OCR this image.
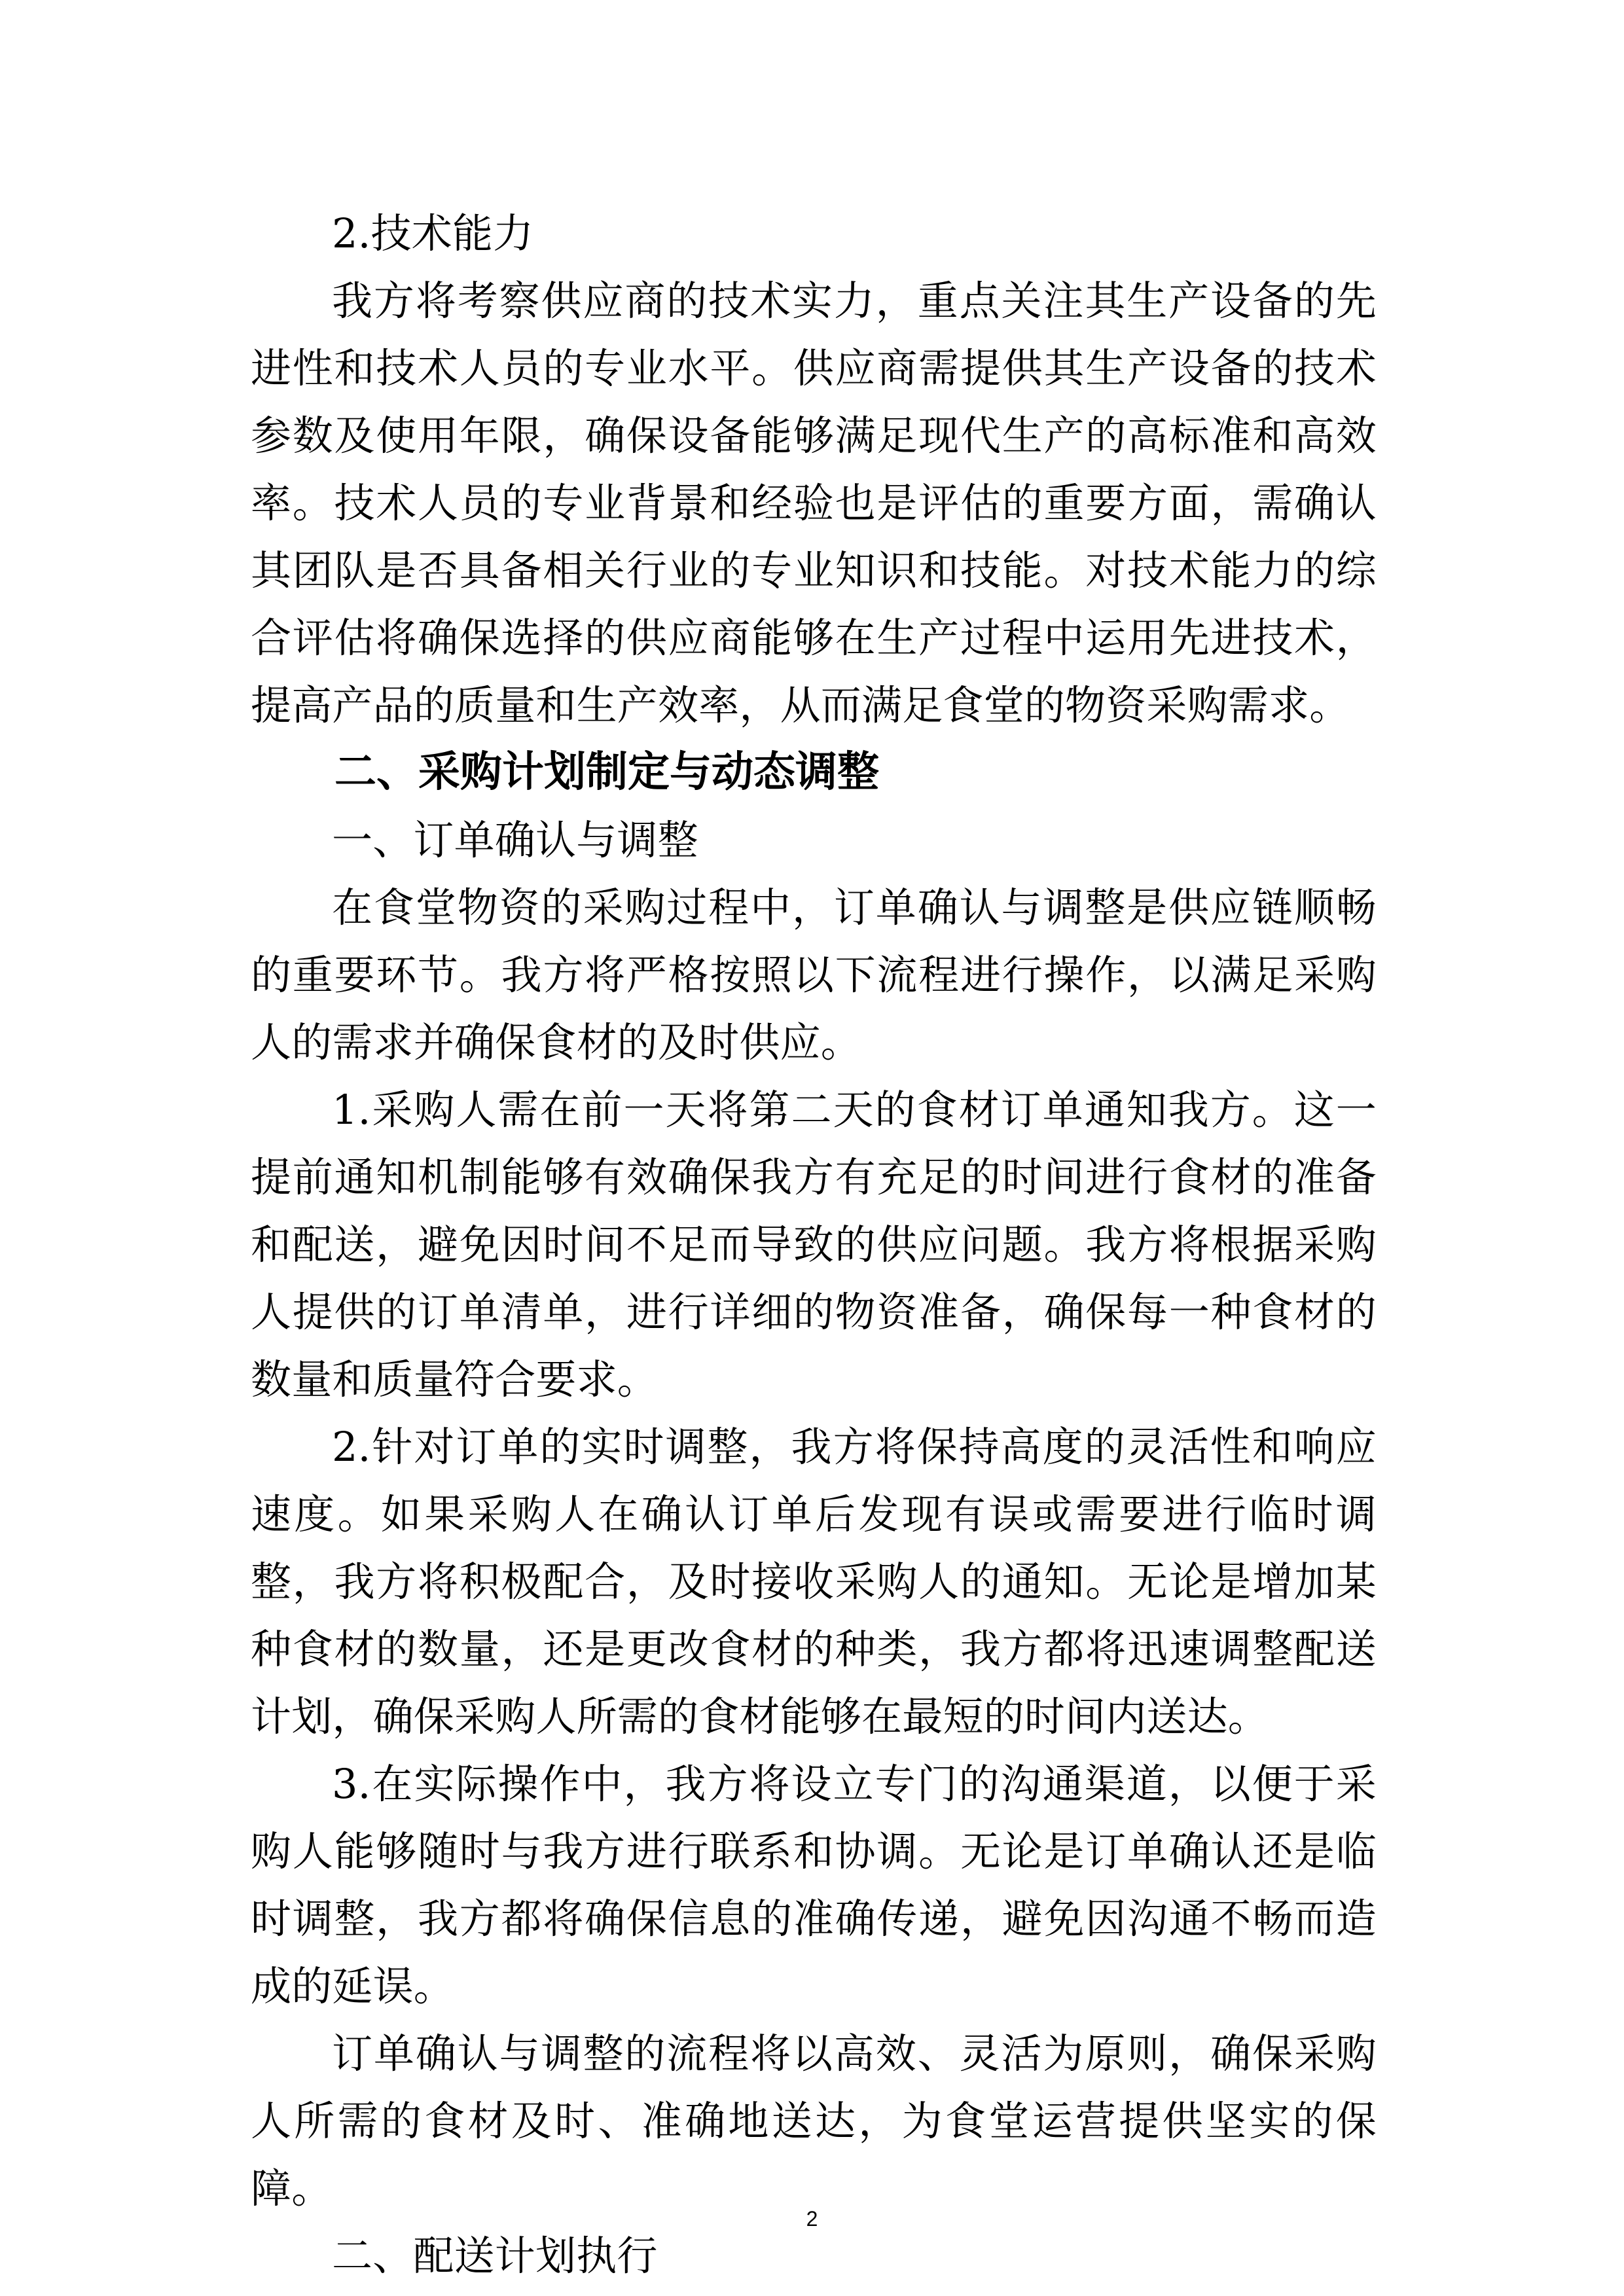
2.技术能力

我方将考察供应商的技术实力，重点关注其生产设备的先进性和技术人员的专业水平。供应商需提供其生产设备的技术参数及使用年限，确保设备能够满足现代生产的高标准和高效率。技术人员的专业背景和经验也是评估的重要方面，需确认其团队是否具备相关行业的专业知识和技能。对技术能力的综合评估将确保选择的供应商能够在生产过程中运用先进技术，提高产品的质量和生产效率，从而满足食堂的物资采购需求。

二、采购计划制定与动态调整

一、订单确认与调整

在食堂物资的采购过程中，订单确认与调整是供应链顺畅的重要环节。我方将严格按照以下流程进行操作，以满足采购人的需求并确保食材的及时供应。

1.采购人需在前一天将第二天的食材订单通知我方。这一提前通知机制能够有效确保我方有充足的时间进行食材的准备和配送，避免因时间不足而导致的供应问题。我方将根据采购人提供的订单清单，进行详细的物资准备，确保每一种食材的数量和质量符合要求。

2.针对订单的实时调整，我方将保持高度的灵活性和响应速度。如果采购人在确认订单后发现有误或需要进行临时调整，我方将积极配合，及时接收采购人的通知。无论是增加某种食材的数量，还是更改食材的种类，我方都将迅速调整配送计划，确保采购人所需的食材能够在最短的时间内送达。

3.在实际操作中，我方将设立专门的沟通渠道，以便于采购人能够随时与我方进行联系和协调。无论是订单确认还是临时调整，我方都将确保信息的准确传递，避免因沟通不畅而造成的延误。

订单确认与调整的流程将以高效、灵活为原则，确保采购人所需的食材及时、准确地送达，为食堂运营提供坚实的保障。

二、配送计划执行

2
